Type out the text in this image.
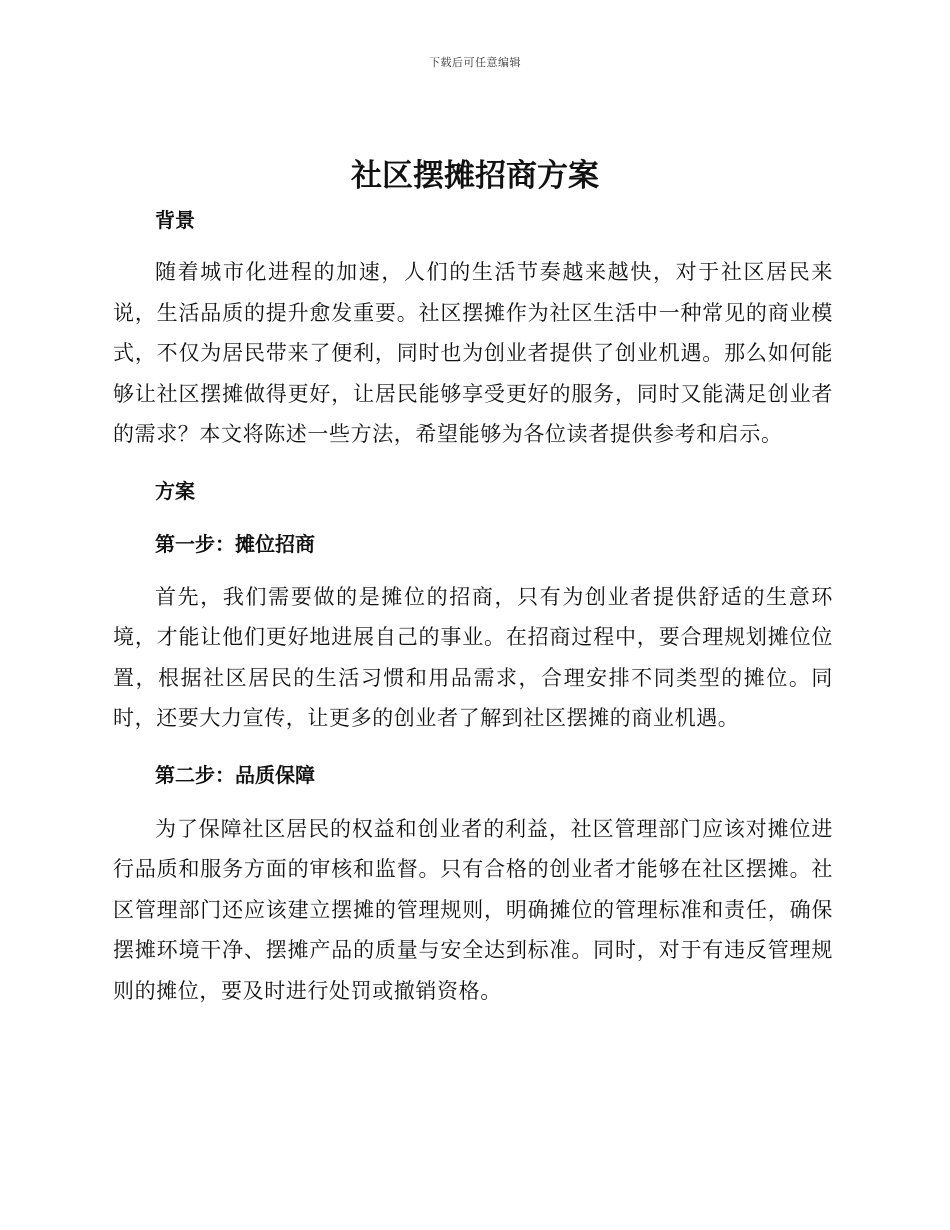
下载后可任意编辑
社区摆摊招商方案
背景

随着城市化进程的加速，人们的生活节奏越来越快，对于社区居民来说，生活品质的提升愈发重要。社区摆摊作为社区生活中一种常见的商业模式，不仅为居民带来了便利，同时也为创业者提供了创业机遇。那么如何能够让社区摆摊做得更好，让居民能够享受更好的服务，同时又能满足创业者的需求？本文将陈述一些方法，希望能够为各位读者提供参考和启示。

方案
第一步：摊位招商

首先，我们需要做的是摊位的招商，只有为创业者提供舒适的生意环境，才能让他们更好地进展自己的事业。在招商过程中，要合理规划摊位位置，根据社区居民的生活习惯和用品需求，合理安排不同类型的摊位。同时，还要大力宣传，让更多的创业者了解到社区摆摊的商业机遇。

第二步：品质保障

为了保障社区居民的权益和创业者的利益，社区管理部门应该对摊位进行品质和服务方面的审核和监督。只有合格的创业者才能够在社区摆摊。社区管理部门还应该建立摆摊的管理规则，明确摊位的管理标准和责任，确保摆摊环境干净、摆摊产品的质量与安全达到标准。同时，对于有违反管理规则的摊位，要及时进行处罚或撤销资格。
